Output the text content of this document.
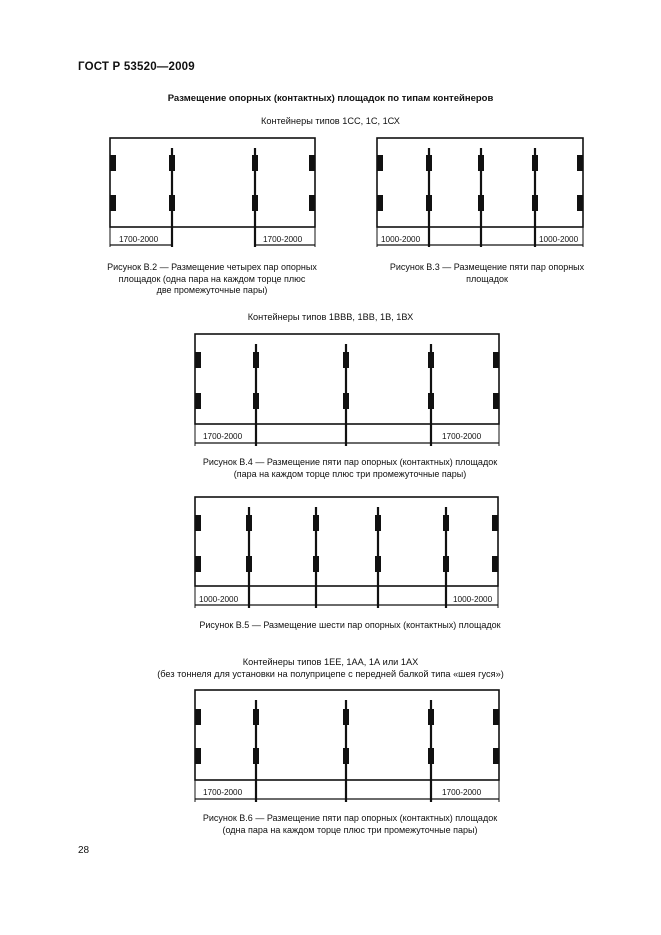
ГОСТ Р 53520—2009
Размещение опорных (контактных) площадок по типам контейнеров
Контейнеры типов 1СС, 1С, 1СХ
1700-2000	1700-2000	1000-2000	1000-2000
Рисунок В.2 — Размещение четырех пар опорных
площадок (одна пара на каждом торце плюс
две промежуточные пары)
Рисунок В.3 — Размещение пяти пар опорных
площадок
Контейнеры типов 1ВВВ, 1ВВ, 1В, 1ВХ
1700-2000	1700-2000
Рисунок В.4 — Размещение пяти пар опорных (контактных) площадок
(пара на каждом торце плюс три промежуточные пары)
1000-2000	1000-2000
Рисунок В.5 — Размещение шести пар опорных (контактных) площадок
Контейнеры типов 1EE, 1АА, 1А или 1АХ
(без тоннеля для установки на полуприцепе с передней балкой типа «шея гуся»)
1700-2000	1700-2000
Рисунок В.6 — Размещение пяти пар опорных (контактных) площадок
(одна пара на каждом торце плюс три промежуточные пары)
28
